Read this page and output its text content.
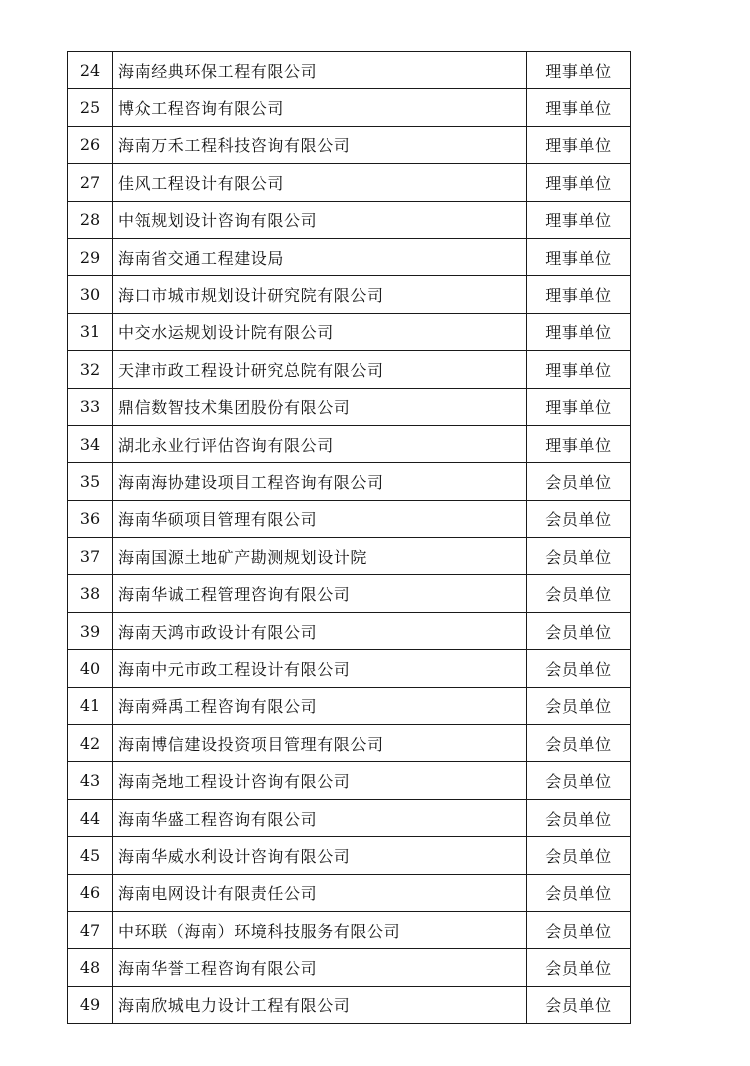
24	海南经典环保工程有限公司	理事单位
25	博众工程咨询有限公司	理事单位
26	海南万禾工程科技咨询有限公司	理事单位
27	佳风工程设计有限公司	理事单位
28	中瓴规划设计咨询有限公司	理事单位
29	海南省交通工程建设局	理事单位
30	海口市城市规划设计研究院有限公司	理事单位
31	中交水运规划设计院有限公司	理事单位
32	天津市政工程设计研究总院有限公司	理事单位
33	鼎信数智技术集团股份有限公司	理事单位
34	湖北永业行评估咨询有限公司	理事单位
35	海南海协建设项目工程咨询有限公司	会员单位
36	海南华硕项目管理有限公司	会员单位
37	海南国源土地矿产勘测规划设计院	会员单位
38	海南华诚工程管理咨询有限公司	会员单位
39	海南天鸿市政设计有限公司	会员单位
40	海南中元市政工程设计有限公司	会员单位
41	海南舜禹工程咨询有限公司	会员单位
42	海南博信建设投资项目管理有限公司	会员单位
43	海南尧地工程设计咨询有限公司	会员单位
44	海南华盛工程咨询有限公司	会员单位
45	海南华威水利设计咨询有限公司	会员单位
46	海南电网设计有限责任公司	会员单位
47	中环联（海南）环境科技服务有限公司	会员单位
48	海南华誉工程咨询有限公司	会员单位
49	海南欣城电力设计工程有限公司	会员单位
